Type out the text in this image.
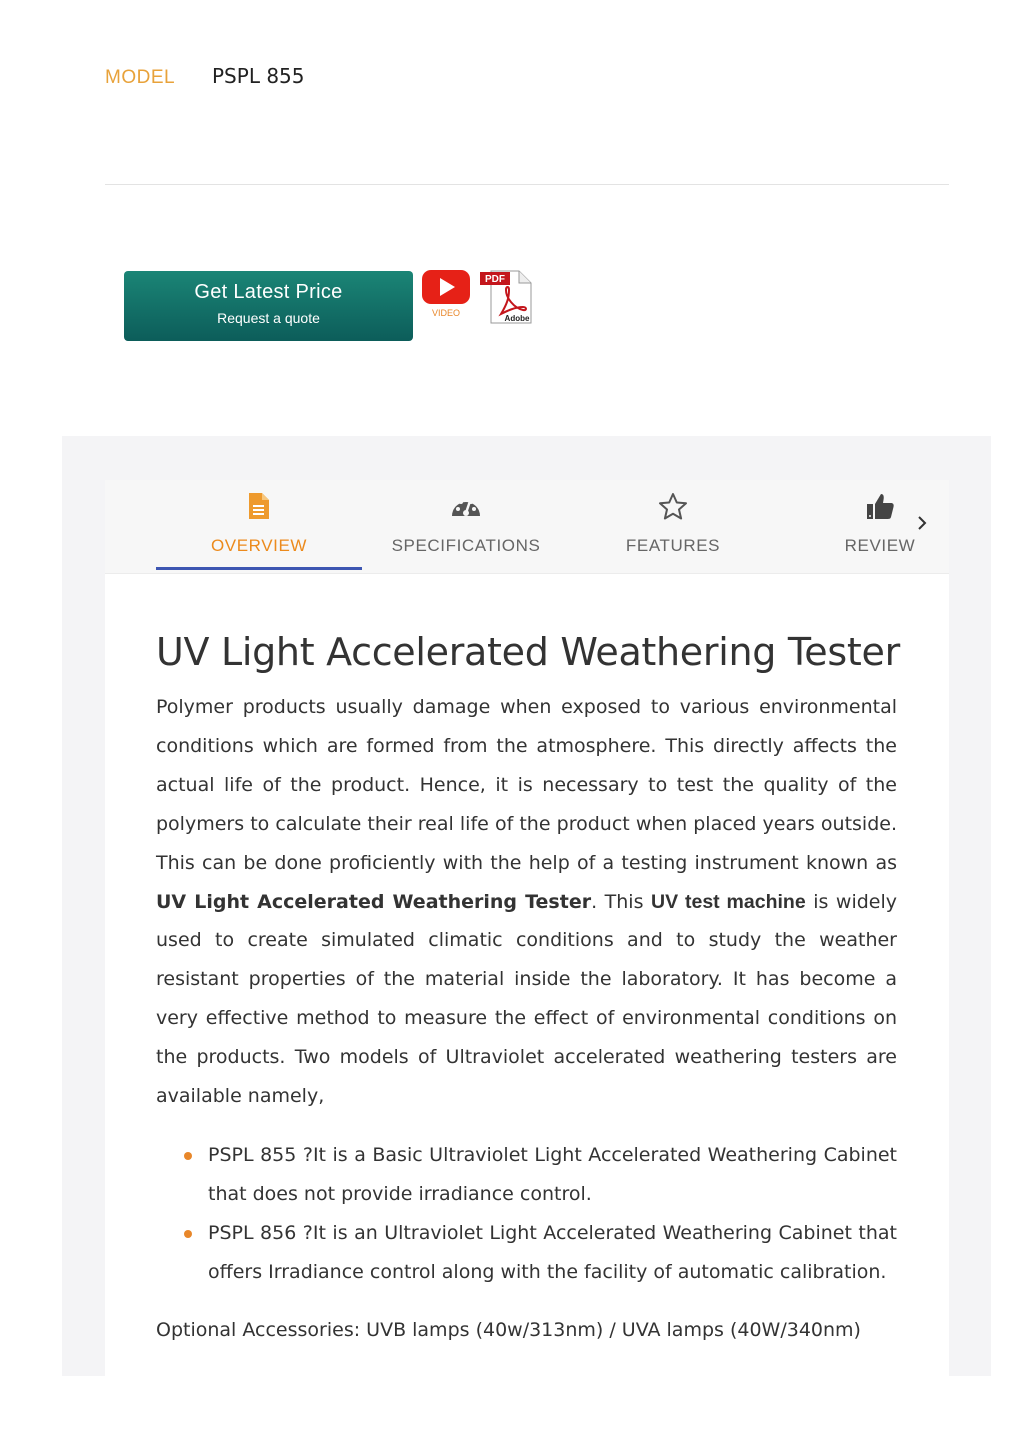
MODEL	PSPL 855
Get Latest Price
Request a quote	VIDEO
PDF
Adobe
OVERVIEW	SPECIFICATIONS	FEATURES	REVIEW
UV Light Accelerated Weathering Tester

Polymer products usually damage when exposed to various environmental conditions which are formed from the atmosphere. This directly affects the actual life of the product. Hence, it is necessary to test the quality of the polymers to calculate their real life of the product when placed years outside. This can be done proficiently with the help of a testing instrument known as UV Light Accelerated Weathering Tester. This UV test machine is widely used to create simulated climatic conditions and to study the weather resistant properties of the material inside the laboratory. It has become a very effective method to measure the effect of environmental conditions on the products. Two models of Ultraviolet accelerated weathering testers are available namely,

PSPL 855 ?It is a Basic Ultraviolet Light Accelerated Weathering Cabinet that does not provide irradiance control.
PSPL 856 ?It is an Ultraviolet Light Accelerated Weathering Cabinet that offers Irradiance control along with the facility of automatic calibration.

Optional Accessories: UVB lamps (40w/313nm) / UVA lamps (40W/340nm)
